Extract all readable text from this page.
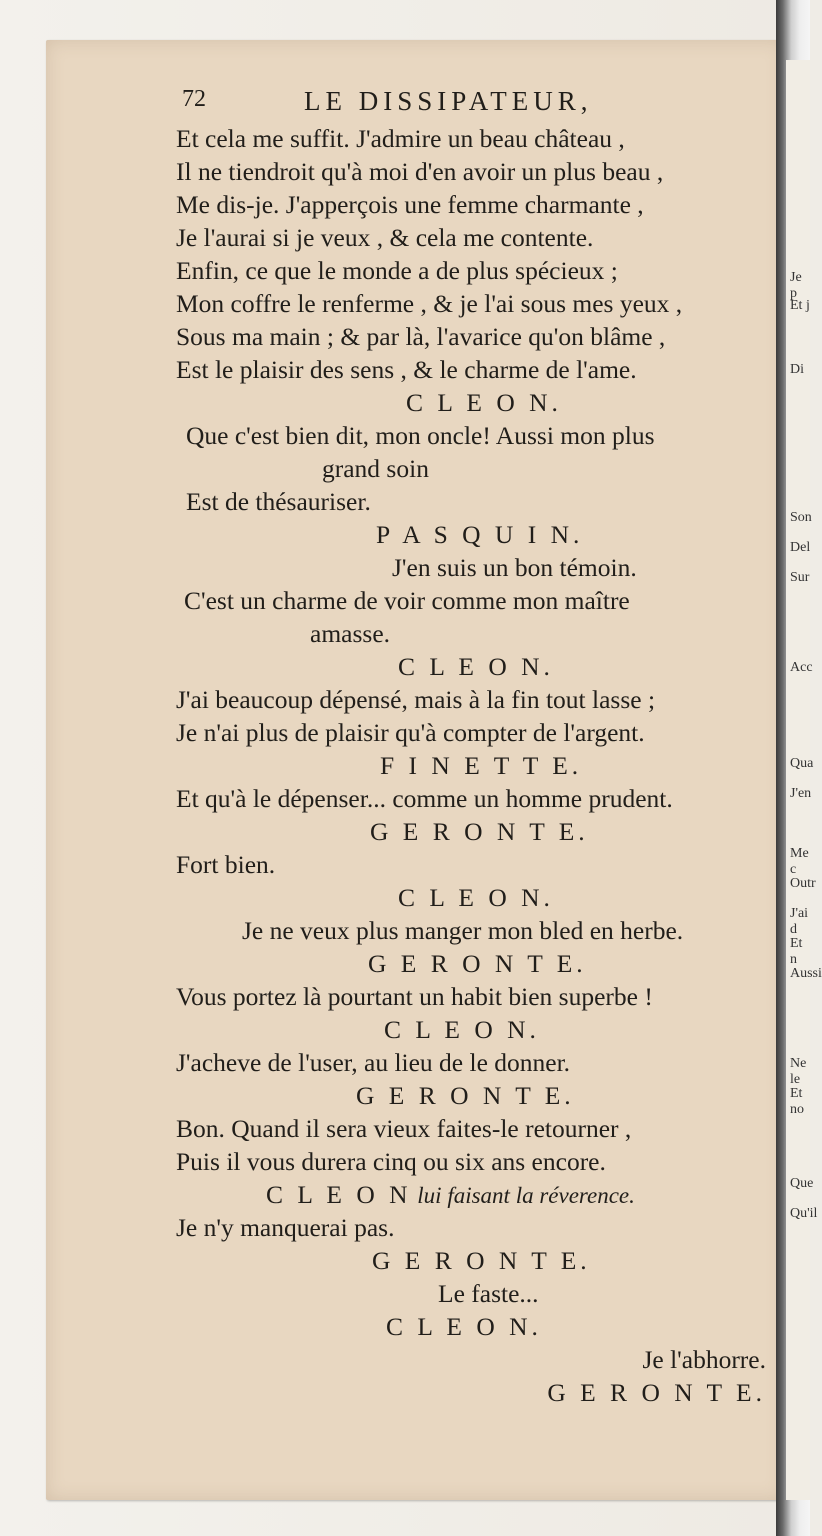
Je p
Et j
Di
Son
Del
Sur
Acc
Qua
J'en
Me c
Outr
J'ai d
Et n
Aussi
Ne le
Et no
Que
Qu'il
72	LE DISSIPATEUR,
Et cela me suffit. J'admire un beau château ,
Il ne tiendroit qu'à moi d'en avoir un plus beau ,
Me dis-je. J'apperçois une femme charmante ,
Je l'aurai si je veux , & cela me contente.
Enfin, ce que le monde a de plus spécieux ;
Mon coffre le renferme , & je l'ai sous mes yeux ,
Sous ma main ; & par là, l'avarice qu'on blâme ,
Est le plaisir des sens , & le charme de l'ame.
C L E O N.
Que c'est bien dit, mon oncle! Aussi mon plus
grand soin
Est de thésauriser.
P A S Q U I N.
J'en suis un bon témoin.
C'est un charme de voir comme mon maître
amasse.
C L E O N.
J'ai beaucoup dépensé, mais à la fin tout lasse ;
Je n'ai plus de plaisir qu'à compter de l'argent.
F I N E T T E.
Et qu'à le dépenser... comme un homme prudent.
G E R O N T E.
Fort bien.
C L E O N.
Je ne veux plus manger mon bled en herbe.
G E R O N T E.
Vous portez là pourtant un habit bien superbe !
C L E O N.
J'acheve de l'user, au lieu de le donner.
G E R O N T E.
Bon. Quand il sera vieux faites-le retourner ,
Puis il vous durera cinq ou six ans encore.
C L E O N lui faisant la réverence.
Je n'y manquerai pas.
G E R O N T E.
Le faste...
C L E O N.
Je l'abhorre.
G E R O N T E.
